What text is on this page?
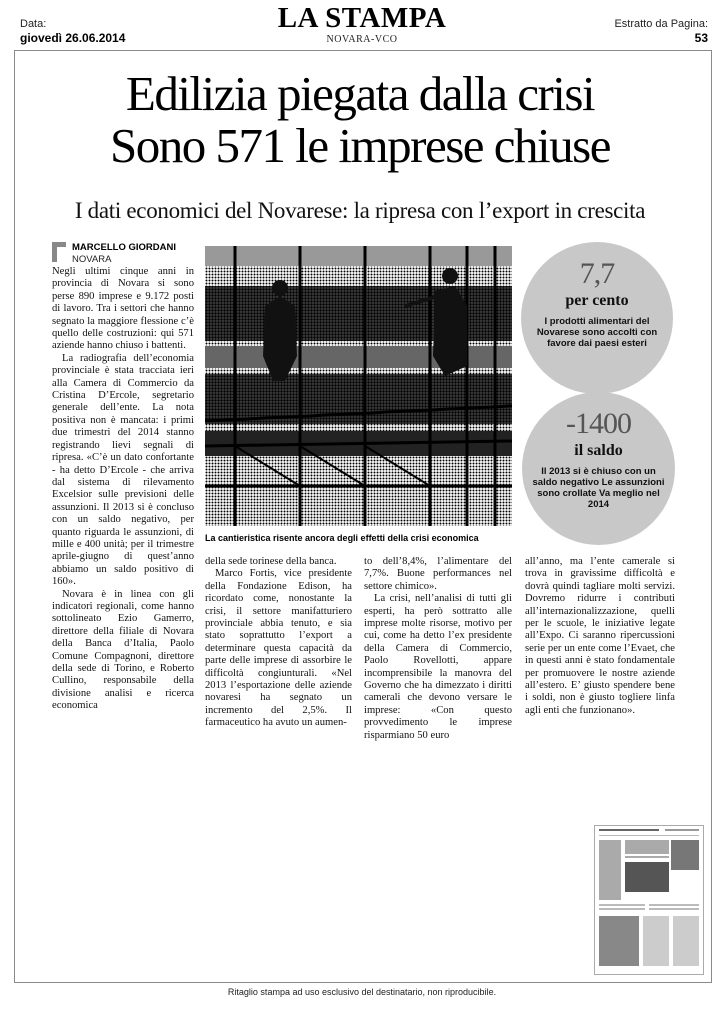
Data:
giovedì 26.06.2014
Estratto da Pagina:
53
LA STAMPA
NOVARA-VCO
Edilizia piegata dalla crisi
Sono 571 le imprese chiuse
I dati economici del Novarese: la ripresa con l’export in crescita
MARCELLO GIORDANI
NOVARA

Negli ultimi cinque anni in provincia di Novara si sono perse 890 imprese e 9.172 posti di lavoro. Tra i settori che hanno segnato la maggiore flessione c’è quello delle costruzioni: qui 571 aziende hanno chiuso i battenti.

La radiografia dell’economia provinciale è stata tracciata ieri alla Camera di Commercio da Cristina D’Ercole, segretario generale dell’ente. La nota positiva non è mancata: i primi due trimestri del 2014 stanno registrando lievi segnali di ripresa. «C’è un dato confortante - ha detto D’Ercole - che arriva dal sistema di rilevamento Excelsior sulle previsioni delle assunzioni. Il 2013 si è concluso con un saldo negativo, per quanto riguarda le assunzioni, di mille e 400 unità; per il trimestre aprile-giugno di quest’anno abbiamo un saldo positivo di 160».

Novara è in linea con gli indicatori regionali, come hanno sottolineato Ezio Gamerro, direttore della filiale di Novara della Banca d’Italia, Paolo Comune Compagnoni, direttore della sede di Torino, e Roberto Cullino, responsabile della divisione analisi e ricerca economica

La cantieristica risente ancora degli effetti della crisi economica
7,7
per cento
I prodotti alimentari del Novarese sono accolti con favore dai paesi esteri
-1400
il saldo
Il 2013 si è chiuso con un saldo negativo Le assunzioni sono crollate Va meglio nel 2014

della sede torinese della banca.

Marco Fortis, vice presidente della Fondazione Edison, ha ricordato come, nonostante la crisi, il settore manifatturiero provinciale abbia tenuto, e sia stato soprattutto l’export a determinare questa capacità da parte delle imprese di assorbire le difficoltà congiunturali. «Nel 2013 l’esportazione delle aziende novaresi ha segnato un incremento del 2,5%. Il farmaceutico ha avuto un aumen-

to dell’8,4%, l’alimentare del 7,7%. Buone performances nel settore chimico».

La crisi, nell’analisi di tutti gli esperti, ha però sottratto alle imprese molte risorse, motivo per cui, come ha detto l’ex presidente della Camera di Commercio, Paolo Rovellotti, appare incomprensibile la manovra del Governo che ha dimezzato i diritti camerali che devono versare le imprese: «Con questo provvedimento le imprese risparmiano 50 euro

all’anno, ma l’ente camerale si trova in gravissime difficoltà e dovrà quindi tagliare molti servizi. Dovremo ridurre i contributi all’internazionalizzazione, quelli per le scuole, le iniziative legate all’Expo. Ci saranno ripercussioni serie per un ente come l’Evaet, che in questi anni è stato fondamentale per promuovere le nostre aziende all’estero. E’ giusto spendere bene i soldi, non è giusto togliere linfa agli enti che funzionano».

Ritaglio stampa ad uso esclusivo del destinatario, non riproducibile.
